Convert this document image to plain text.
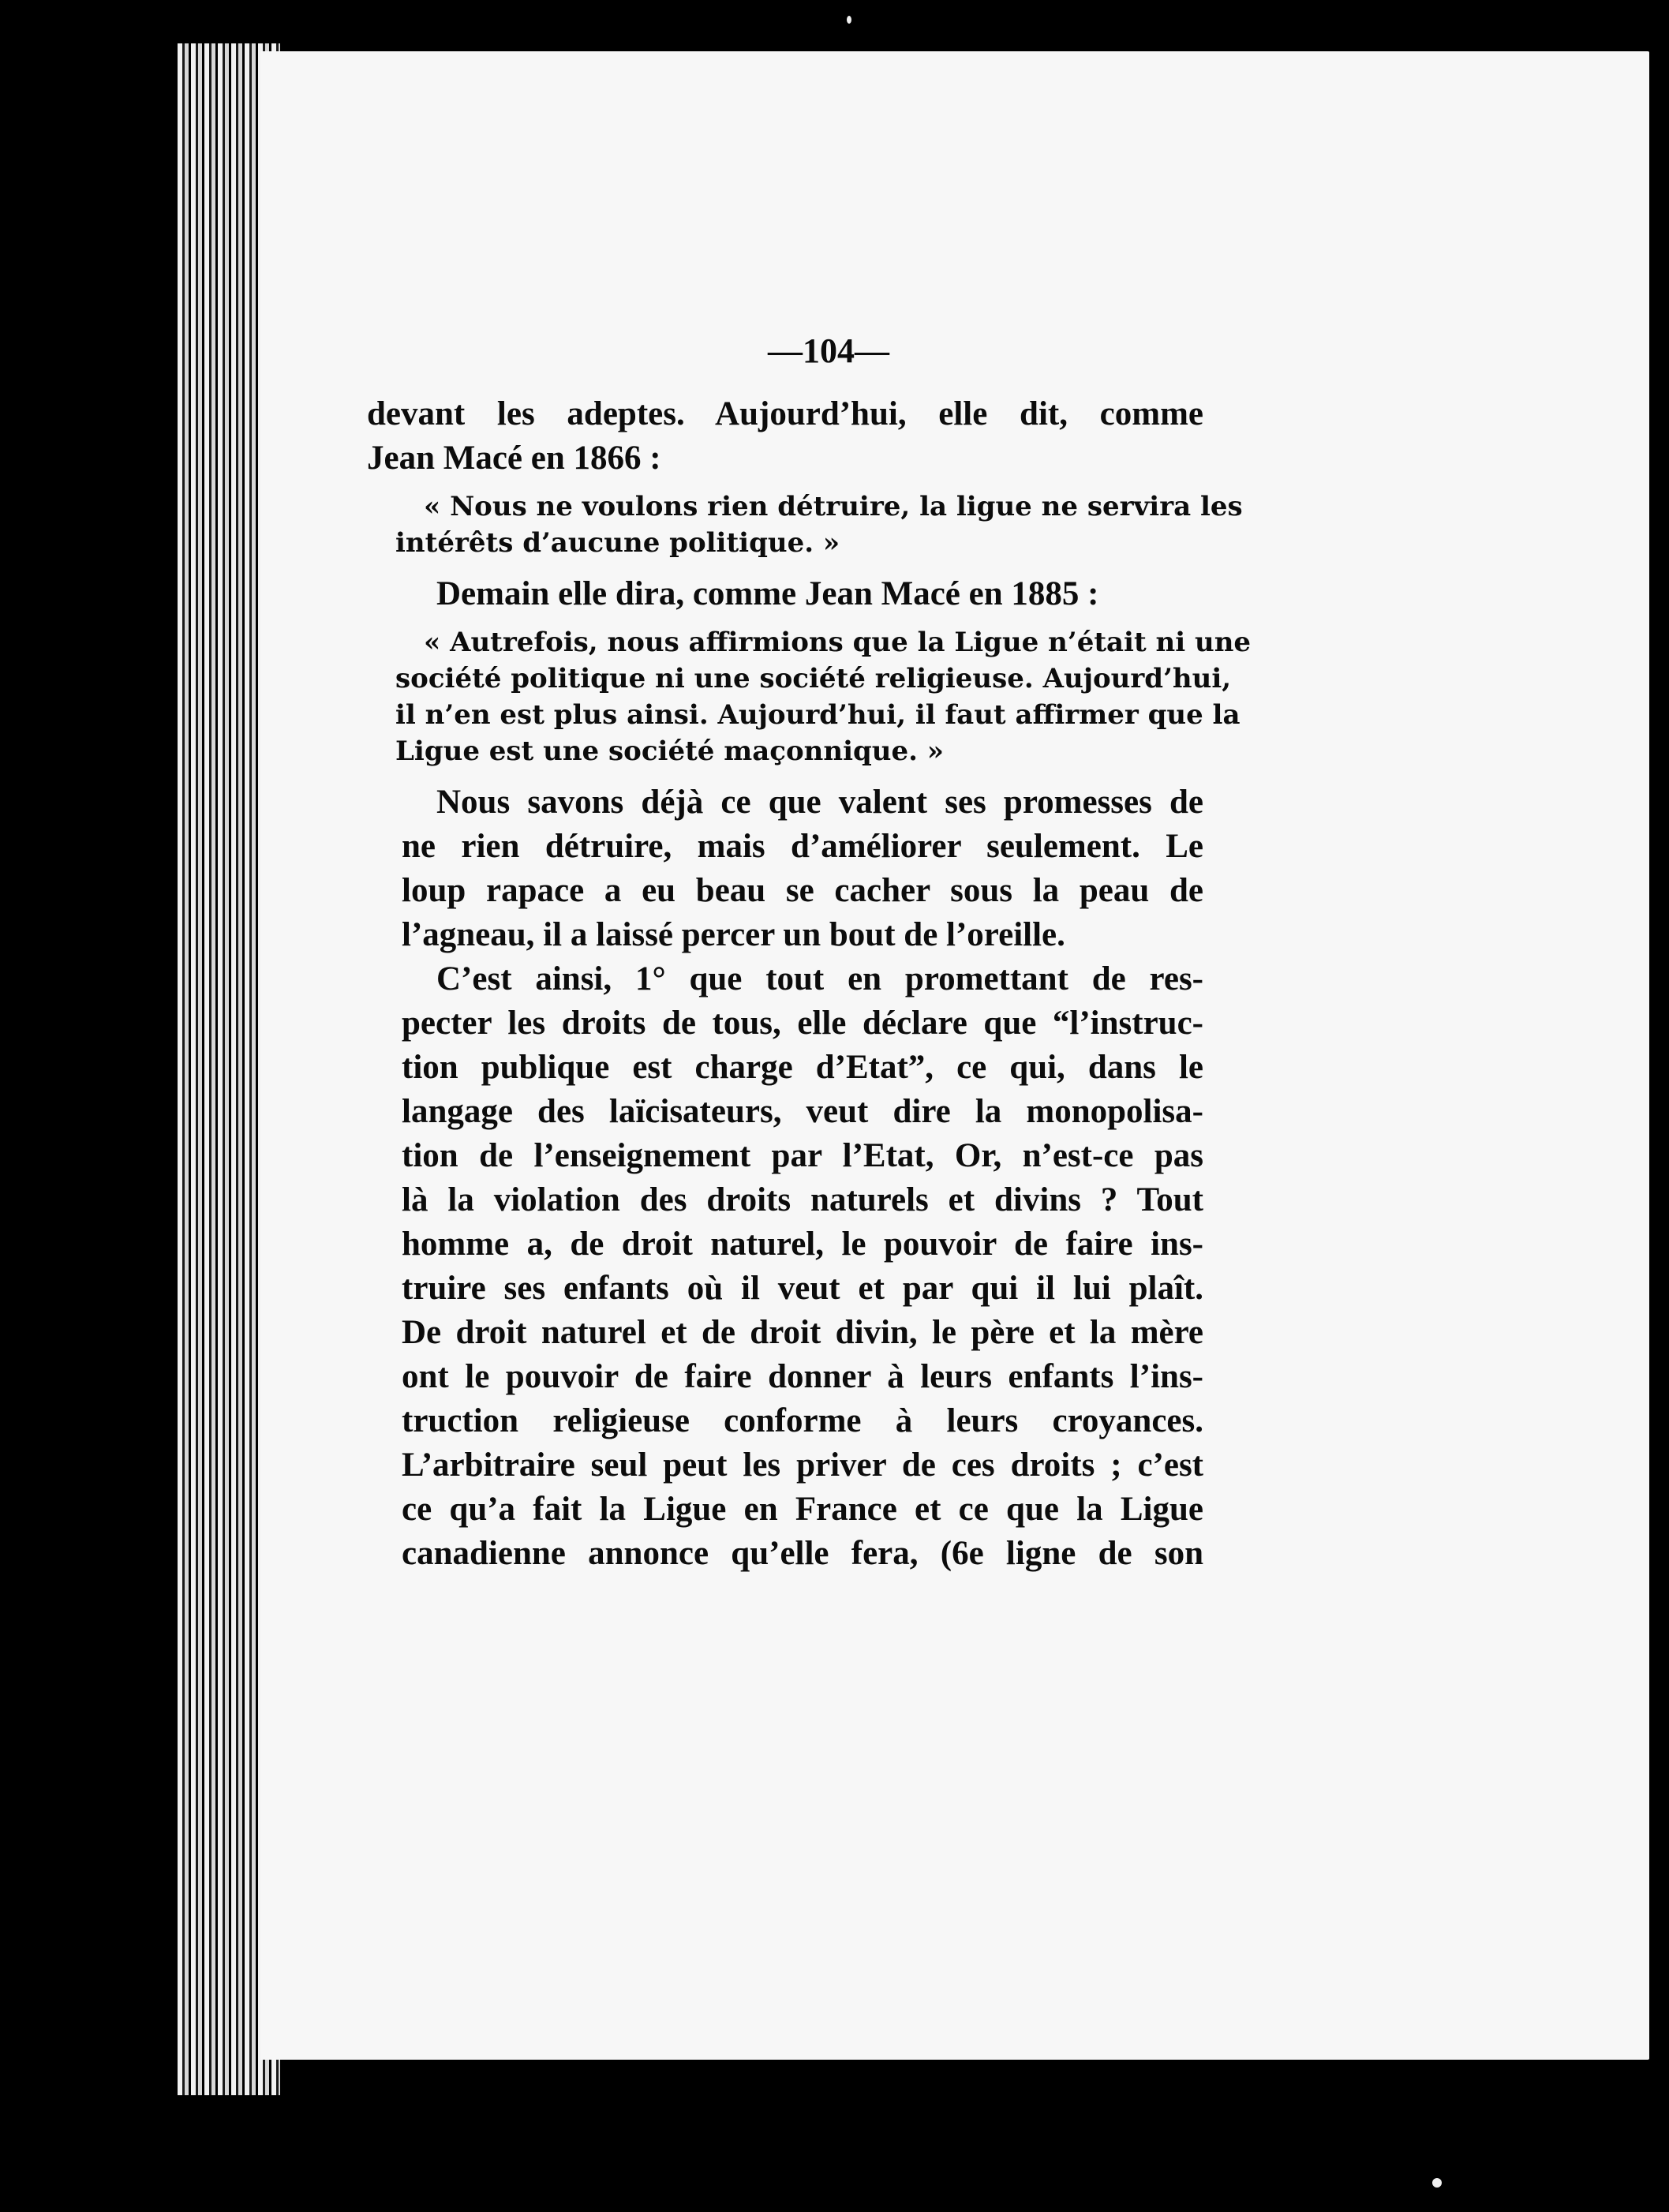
—104—
devant les adeptes. Aujourd’hui, elle dit, comme
Jean Macé en 1866 :
« Nous ne voulons rien détruire, la ligue ne servira les
intérêts d’aucune politique. »
Demain elle dira, comme Jean Macé en 1885 :
« Autrefois, nous affirmions que la Ligue n’était ni une
société politique ni une société religieuse. Aujourd’hui,
il n’en est plus ainsi. Aujourd’hui, il faut affirmer que la
Ligue est une société maçonnique. »
Nous savons déjà ce que valent ses promesses de
ne rien détruire, mais d’améliorer seulement. Le
loup rapace a eu beau se cacher sous la peau de
l’agneau, il a laissé percer un bout de l’oreille.
C’est ainsi, 1° que tout en promettant de res-
pecter les droits de tous, elle déclare que “l’instruc-
tion publique est charge d’Etat”, ce qui, dans le
langage des laïcisateurs, veut dire la monopolisa-
tion de l’enseignement par l’Etat, Or, n’est-ce pas
là la violation des droits naturels et divins ? Tout
homme a, de droit naturel, le pouvoir de faire ins-
truire ses enfants où il veut et par qui il lui plaît.
De droit naturel et de droit divin, le père et la mère
ont le pouvoir de faire donner à leurs enfants l’ins-
truction religieuse conforme à leurs croyances.
L’arbitraire seul peut les priver de ces droits ; c’est
ce qu’a fait la Ligue en France et ce que la Ligue
canadienne annonce qu’elle fera, (6e ligne de son
